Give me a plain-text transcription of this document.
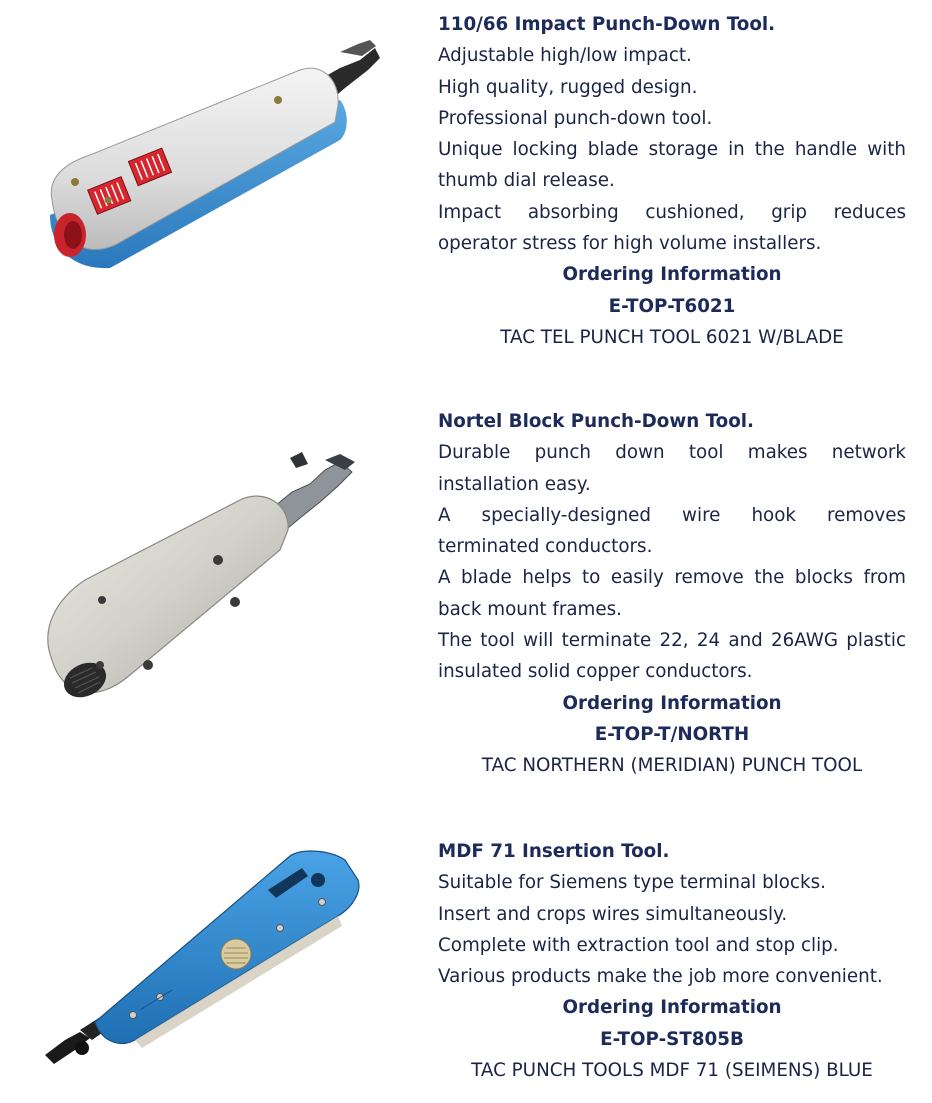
110/66 Impact Punch-Down Tool.

Adjustable high/low impact.

High quality, rugged design.

Professional punch-down tool.

Unique locking blade storage in the handle with thumb dial release.

Impact absorbing cushioned, grip reduces operator stress for high volume installers.

Ordering Information

E-TOP-T6021

TAC TEL PUNCH TOOL 6021 W/BLADE

Nortel Block Punch-Down Tool.

Durable punch down tool makes network installation easy.

A specially-designed wire hook removes terminated conductors.

A blade helps to easily remove the blocks from back mount frames.

The tool will terminate 22, 24 and 26AWG plastic insulated solid copper conductors.

Ordering Information

E-TOP-T/NORTH

TAC NORTHERN (MERIDIAN) PUNCH TOOL

MDF 71 Insertion Tool.

Suitable for Siemens type terminal blocks.

Insert and crops wires simultaneously.

Complete with extraction tool and stop clip.

Various products make the job more convenient.

Ordering Information

E-TOP-ST805B

TAC PUNCH TOOLS MDF 71 (SEIMENS) BLUE
